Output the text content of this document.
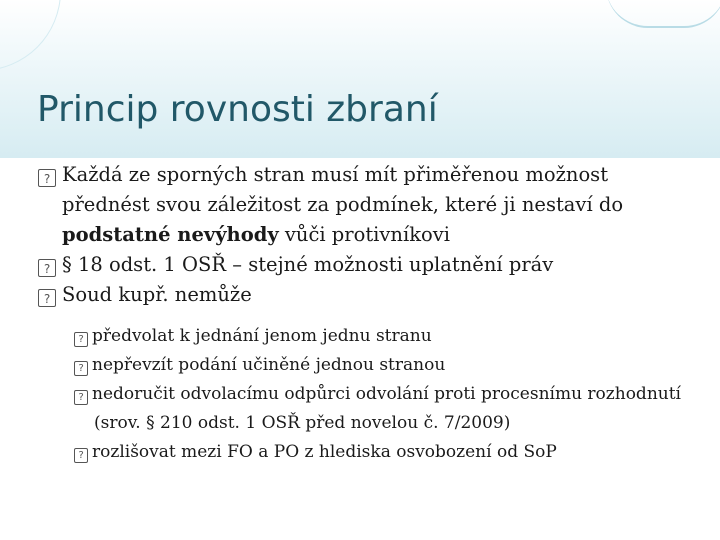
Princip rovnosti zbraní

? Každá ze sporných stran musí mít přiměřenou možnost přednést svou záležitost za podmínek, které ji nestaví do podstatné nevýhody vůči protivníkovi

? § 18 odst. 1 OSŘ – stejné možnosti uplatnění práv

? Soud kupř. nemůže

? předvolat k jednání jenom jednu stranu

? nepřevzít podání učiněné jednou stranou

? nedoručit odvolacímu odpůrci odvolání proti procesnímu rozhodnutí (srov. § 210 odst. 1 OSŘ před novelou č. 7/2009)

? rozlišovat mezi FO a PO z hlediska osvobození od SoP
